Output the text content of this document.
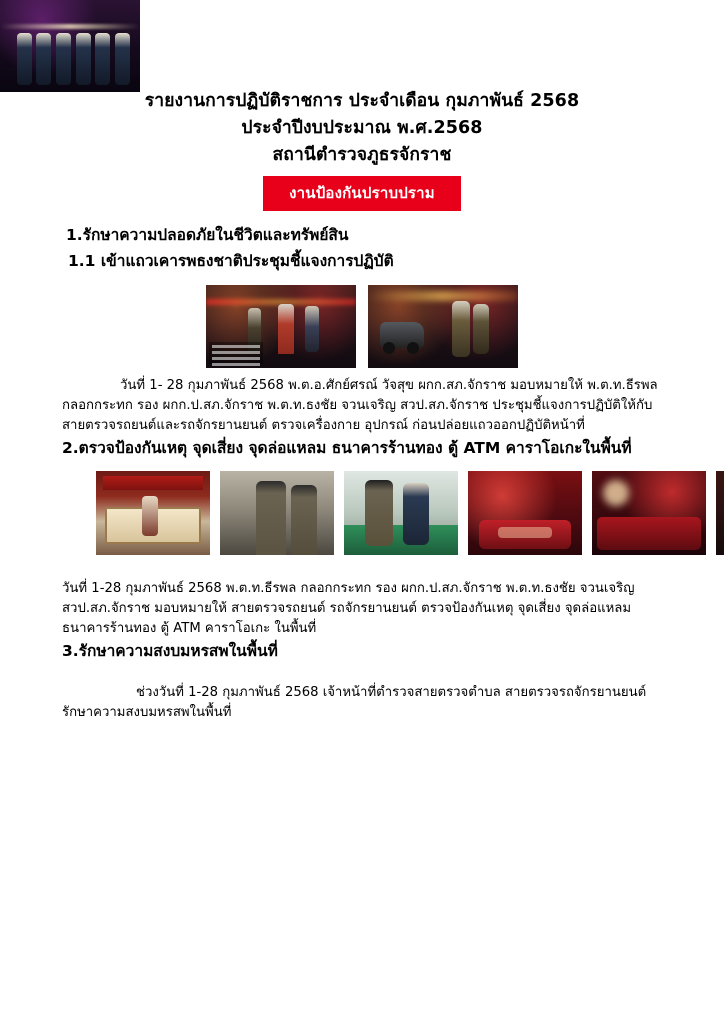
รายงานการปฏิบัติราชการ ประจำเดือน กุมภาพันธ์ 2568
ประจำปีงบประมาณ พ.ศ.2568
สถานีตำรวจภูธรจักราช
งานป้องกันปราบปราม
1.รักษาความปลอดภัยในชีวิตและทรัพย์สิน
1.1 เข้าแถวเคารพธงชาติประชุมชี้แจงการปฏิบัติ
วันที่ 1- 28 กุมภาพันธ์ 2568 พ.ต.อ.ศักย์ศรณ์ วัจสุข ผกก.สภ.จักราช มอบหมายให้ พ.ต.ท.ธีรพล กลอกกระทก รอง ผกก.ป.สภ.จักราช พ.ต.ท.ธงชัย จวนเจริญ สวป.สภ.จักราช ประชุมชี้แจงการปฏิบัติให้กับสายตรวจรถยนต์และรถจักรยานยนต์ ตรวจเครื่องกาย อุปกรณ์ ก่อนปล่อยแถวออกปฏิบัติหน้าที่
2.ตรวจป้องกันเหตุ จุดเสี่ยง จุดล่อแหลม ธนาคารร้านทอง ตู้ ATM คาราโอเกะในพื้นที่
วันที่ 1-28 กุมภาพันธ์ 2568 พ.ต.ท.ธีรพล กลอกกระทก รอง ผกก.ป.สภ.จักราช พ.ต.ท.ธงชัย จวนเจริญ สวป.สภ.จักราช มอบหมายให้ สายตรวจรถยนต์ รถจักรยานยนต์ ตรวจป้องกันเหตุ จุดเสี่ยง จุดล่อแหลม ธนาคารร้านทอง ตู้ ATM คาราโอเกะ ในพื้นที่
3.รักษาความสงบมหรสพในพื้นที่
ช่วงวันที่ 1-28 กุมภาพันธ์ 2568 เจ้าหน้าที่ตำรวจสายตรวจตำบล สายตรวจรถจักรยานยนต์รักษาความสงบมหรสพในพื้นที่
